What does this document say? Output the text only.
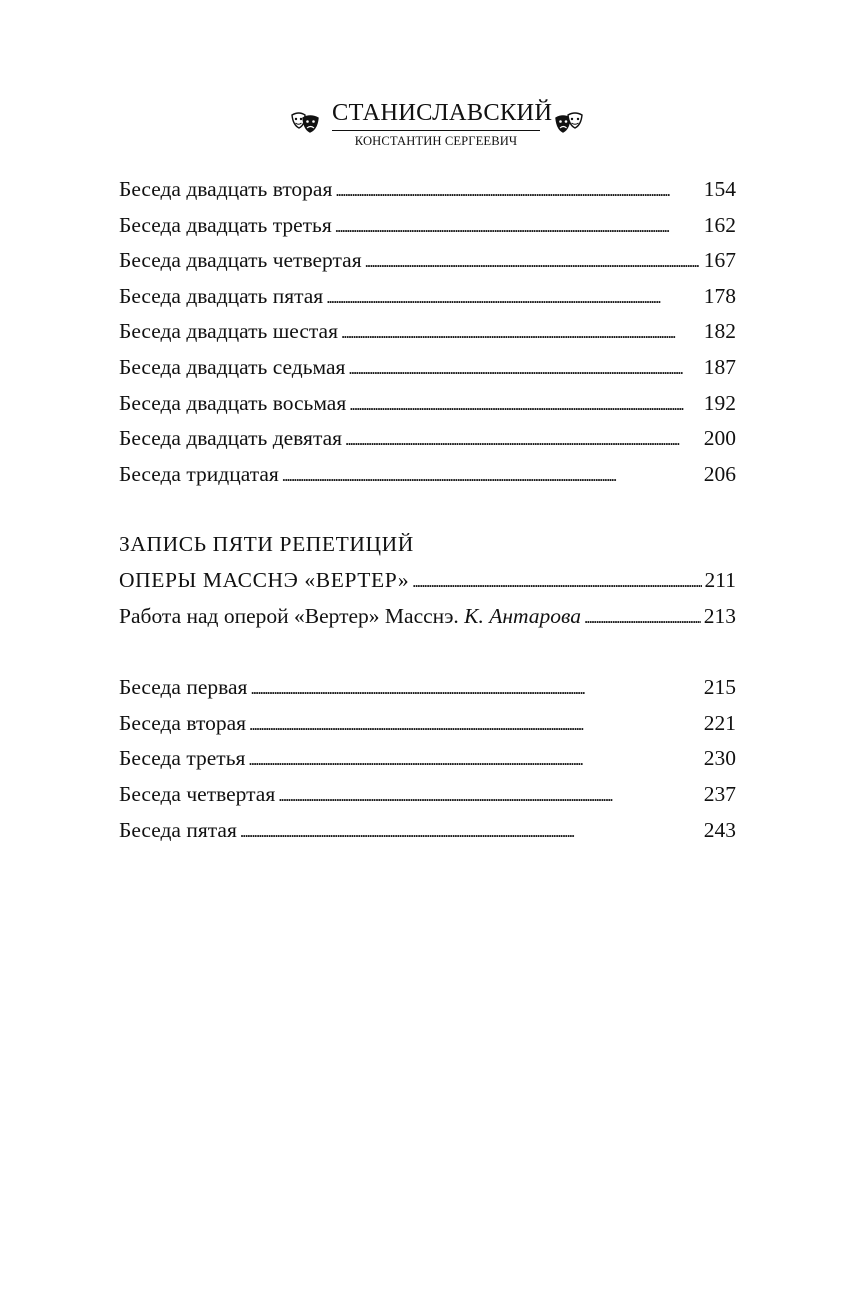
СТАНИСЛАВСКИЙ
КОНСТАНТИН СЕРГЕЕВИЧ
Беседа двадцать вторая . . .	154
Беседа двадцать третья . . .	162
Беседа двадцать четвертая . . .	167
Беседа двадцать пятая . . .	178
Беседа двадцать шестая . . .	182
Беседа двадцать седьмая . . .	187
Беседа двадцать восьмая . . .	192
Беседа двадцать девятая . . .	200
Беседа тридцатая . . .	206
ЗАПИСЬ ПЯТИ РЕПЕТИЦИЙ
ОПЕРЫ МАССНЭ «ВЕРТЕР» . . .	211
Работа над оперой «Вертер» Масснэ. К. Антарова . . .	213
Беседа первая . . .	215
Беседа вторая . . .	221
Беседа третья . . .	230
Беседа четвертая . . .	237
Беседа пятая . . .	243
